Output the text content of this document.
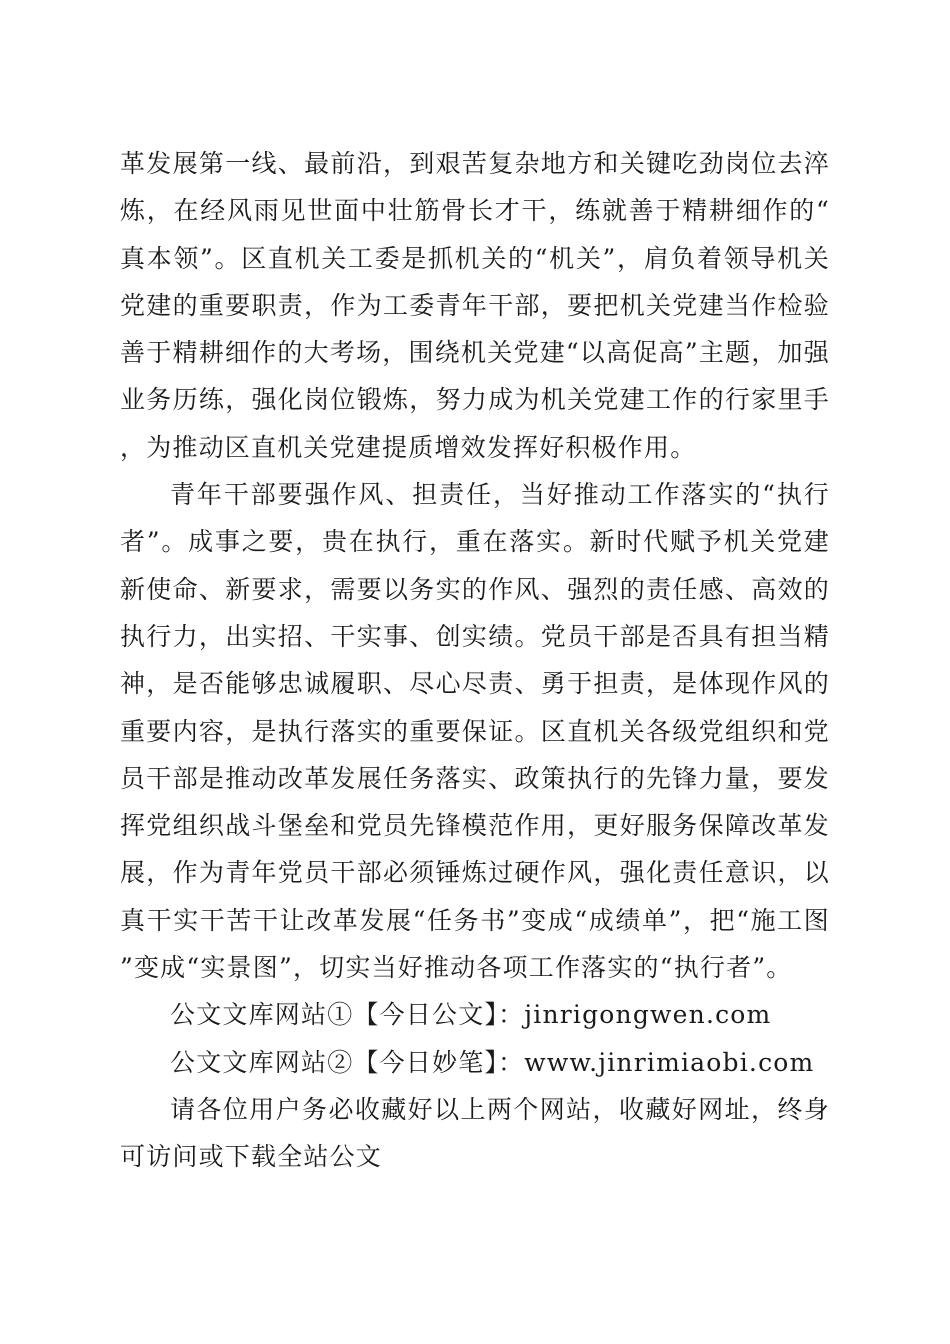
革发展第一线、最前沿，到艰苦复杂地方和关键吃劲岗位去淬炼，在经风雨见世面中壮筋骨长才干，练就善于精耕细作的“真本领”。区直机关工委是抓机关的“机关”，肩负着领导机关党建的重要职责，作为工委青年干部，要把机关党建当作检验善于精耕细作的大考场，围绕机关党建“以高促高”主题，加强业务历练，强化岗位锻炼，努力成为机关党建工作的行家里手，为推动区直机关党建提质增效发挥好积极作用。

青年干部要强作风、担责任，当好推动工作落实的“执行者”。成事之要，贵在执行，重在落实。新时代赋予机关党建新使命、新要求，需要以务实的作风、强烈的责任感、高效的执行力，出实招、干实事、创实绩。党员干部是否具有担当精神，是否能够忠诚履职、尽心尽责、勇于担责，是体现作风的重要内容，是执行落实的重要保证。区直机关各级党组织和党员干部是推动改革发展任务落实、政策执行的先锋力量，要发挥党组织战斗堡垒和党员先锋模范作用，更好服务保障改革发展，作为青年党员干部必须锤炼过硬作风，强化责任意识，以真干实干苦干让改革发展“任务书”变成“成绩单”，把“施工图”变成“实景图”，切实当好推动各项工作落实的“执行者”。

公文文库网站①【今日公文】：jinrigongwen.com

公文文库网站②【今日妙笔】：www.jinrimiaobi.com

请各位用户务必收藏好以上两个网站，收藏好网址，终身可访问或下载全站公文
